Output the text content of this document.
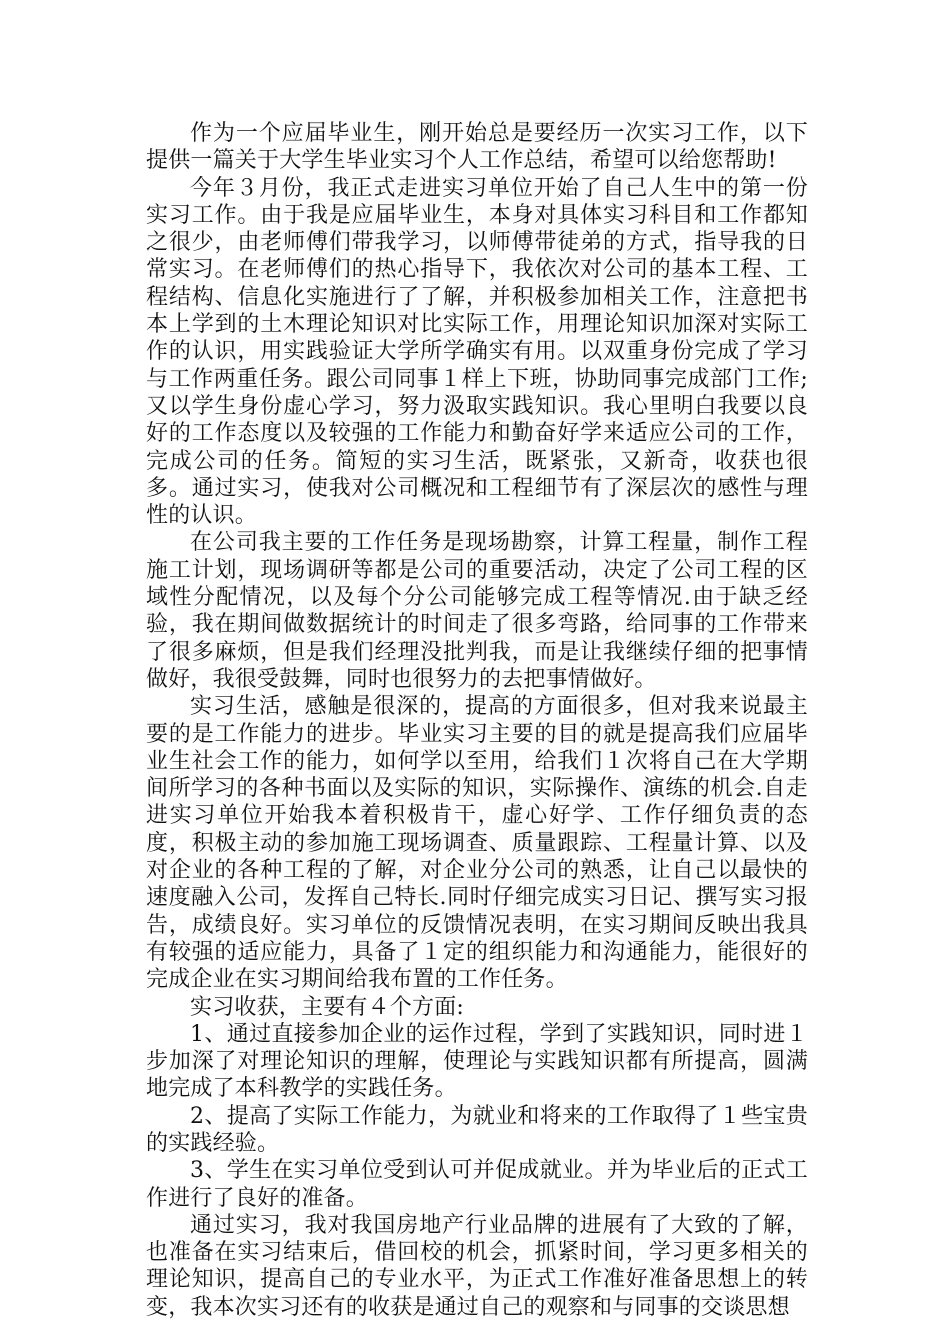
作为一个应届毕业生，刚开始总是要经历一次实习工作，以下提供一篇关于大学生毕业实习个人工作总结，希望可以给您帮助!

今年３月份，我正式走进实习单位开始了自己人生中的第一份实习工作。由于我是应届毕业生，本身对具体实习科目和工作都知之很少，由老师傅们带我学习，以师傅带徒弟的方式，指导我的日常实习。在老师傅们的热心指导下，我依次对公司的基本工程、工程结构、信息化实施进行了了解，并积极参加相关工作，注意把书本上学到的土木理论知识对比实际工作，用理论知识加深对实际工作的认识，用实践验证大学所学确实有用。以双重身份完成了学习与工作两重任务。跟公司同事１样上下班，协助同事完成部门工作;又以学生身份虚心学习，努力汲取实践知识。我心里明白我要以良好的工作态度以及较强的工作能力和勤奋好学来适应公司的工作，完成公司的任务。简短的实习生活，既紧张，又新奇，收获也很多。通过实习，使我对公司概况和工程细节有了深层次的感性与理性的认识。

在公司我主要的工作任务是现场勘察，计算工程量，制作工程施工计划，现场调研等都是公司的重要活动，决定了公司工程的区域性分配情况，以及每个分公司能够完成工程等情况.由于缺乏经验，我在期间做数据统计的时间走了很多弯路，给同事的工作带来了很多麻烦，但是我们经理没批判我，而是让我继续仔细的把事情做好，我很受鼓舞，同时也很努力的去把事情做好。

实习生活，感触是很深的，提高的方面很多，但对我来说最主要的是工作能力的进步。毕业实习主要的目的就是提高我们应届毕业生社会工作的能力，如何学以至用，给我们１次将自己在大学期间所学习的各种书面以及实际的知识，实际操作、演练的机会.自走进实习单位开始我本着积极肯干，虚心好学、工作仔细负责的态度，积极主动的参加施工现场调查、质量跟踪、工程量计算、以及对企业的各种工程的了解，对企业分公司的熟悉，让自己以最快的速度融入公司，发挥自己特长.同时仔细完成实习日记、撰写实习报告，成绩良好。实习单位的反馈情况表明，在实习期间反映出我具有较强的适应能力，具备了１定的组织能力和沟通能力，能很好的完成企业在实习期间给我布置的工作任务。

实习收获，主要有４个方面:

1、通过直接参加企业的运作过程，学到了实践知识，同时进１步加深了对理论知识的理解，使理论与实践知识都有所提高，圆满地完成了本科教学的实践任务。

2、提高了实际工作能力，为就业和将来的工作取得了１些宝贵的实践经验。

3、学生在实习单位受到认可并促成就业。并为毕业后的正式工作进行了良好的准备。

通过实习，我对我国房地产行业品牌的进展有了大致的了解，也准备在实习结束后，借回校的机会，抓紧时间，学习更多相关的理论知识，提高自己的专业水平，为正式工作准好准备思想上的转变，我本次实习还有的收获是通过自己的观察和与同事的交谈思想
